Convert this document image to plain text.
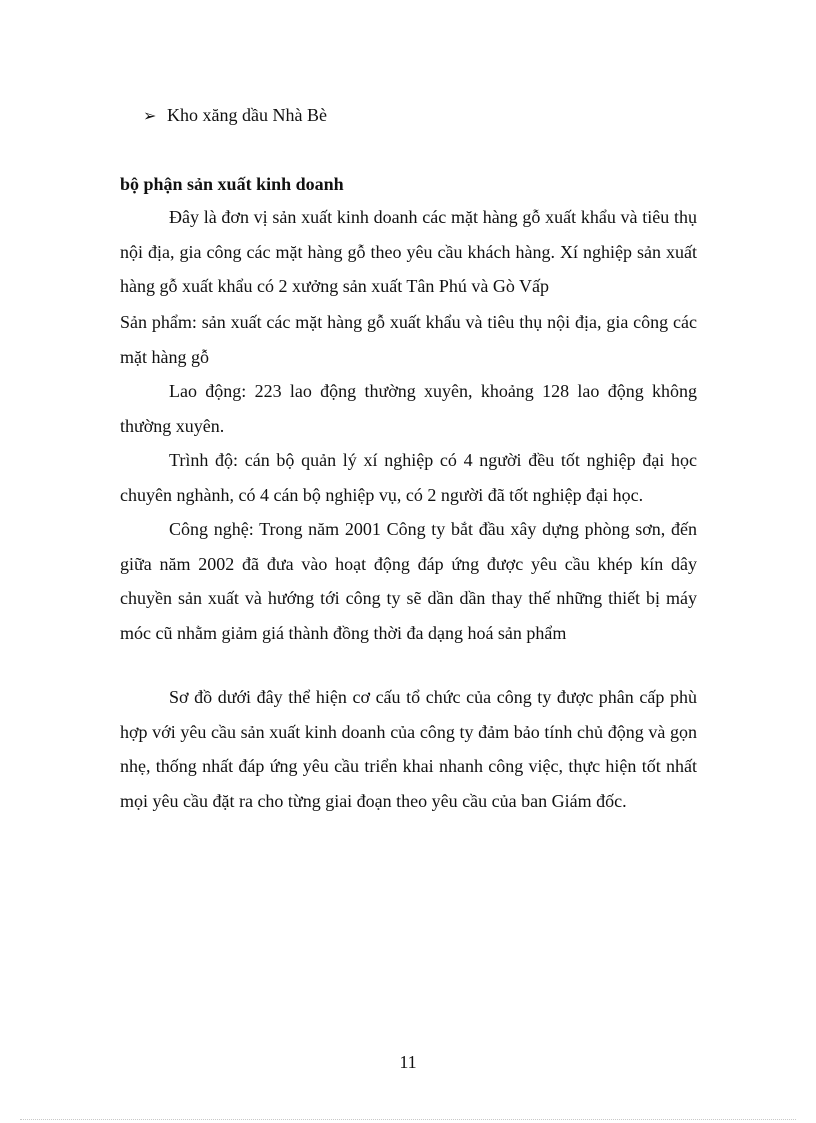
➢ Kho xăng dầu Nhà Bè
bộ phận sản xuất kinh doanh

Đây là đơn vị sản xuất kinh doanh các mặt hàng gỗ xuất khẩu và tiêu thụ nội địa, gia công các mặt hàng gỗ theo yêu cầu khách hàng. Xí nghiệp sản xuất hàng gỗ xuất khẩu có 2 xưởng sản xuất Tân Phú và Gò Vấp

Sản phẩm: sản xuất các mặt hàng gỗ xuất khẩu và tiêu thụ nội địa, gia công các mặt hàng gỗ

Lao động: 223 lao động thường xuyên, khoảng 128 lao động không thường xuyên.

Trình độ: cán bộ quản lý xí nghiệp có 4 người đều tốt nghiệp đại học chuyên nghành, có 4 cán bộ nghiệp vụ, có 2 người đã tốt nghiệp đại học.

Công nghệ: Trong năm 2001 Công ty bắt đầu xây dựng phòng sơn, đến giữa năm 2002 đã đưa vào hoạt động đáp ứng được yêu cầu khép kín dây chuyền sản xuất và hướng tới công ty sẽ dần dần thay thế những thiết bị máy móc cũ nhằm giảm giá thành đồng thời đa dạng hoá sản phẩm

Sơ đồ dưới đây thể hiện cơ cấu tổ chức của công ty được phân cấp phù hợp với yêu cầu sản xuất kinh doanh của công ty đảm bảo tính chủ động và gọn nhẹ, thống nhất đáp ứng yêu cầu triển khai nhanh công việc, thực hiện tốt nhất mọi yêu cầu đặt ra cho từng giai đoạn theo yêu cầu của ban Giám đốc.

11
